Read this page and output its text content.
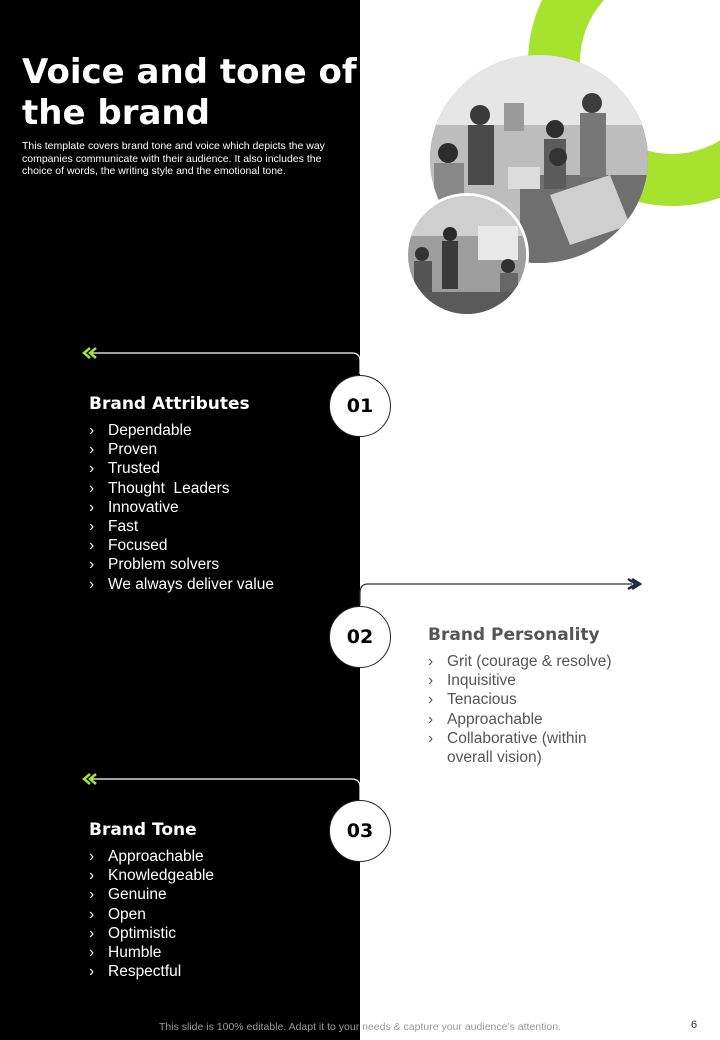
Voice and tone of the brand

This template covers brand tone and voice which depicts the way companies communicate with their audience. It also includes the choice of words, the writing style and the emotional tone.

01
02
03
Brand Attributes
› Dependable
› Proven
› Trusted
› Thought  Leaders
› Innovative
› Fast
› Focused
› Problem solvers
› We always deliver value
Brand Personality
› Grit (courage & resolve)
› Inquisitive
› Tenacious
› Approachable
› Collaborative (within overall vision)
Brand Tone
› Approachable
› Knowledgeable
› Genuine
› Open
› Optimistic
› Humble
› Respectful

This slide is 100% editable. Adapt it to your needs & capture your audience’s attention.	6
